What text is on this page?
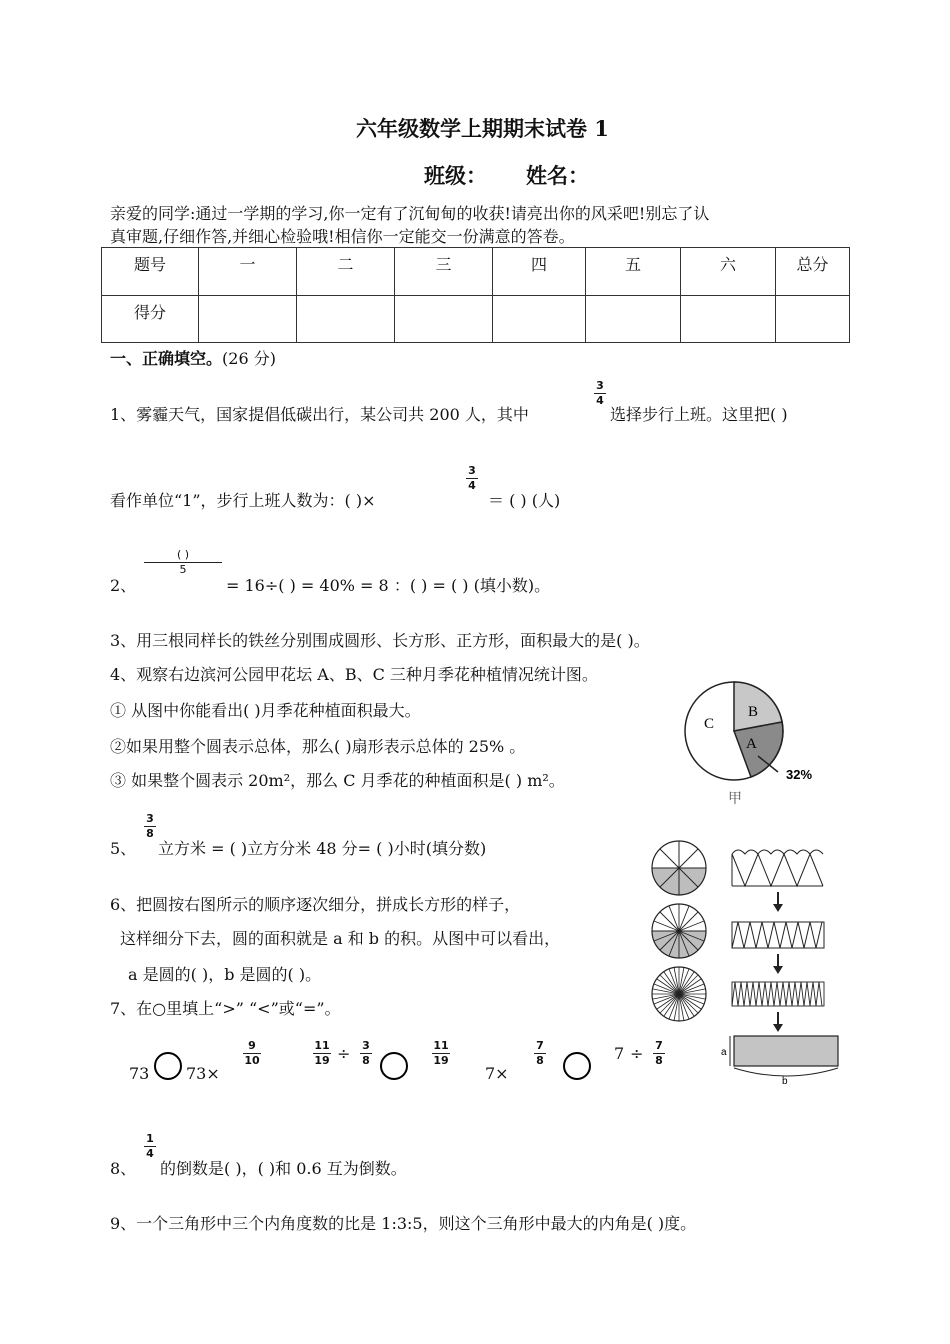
六年级数学上期期末试卷 1
班级： 姓名：
亲爱的同学:通过一学期的学习,你一定有了沉甸甸的收获!请亮出你的风采吧!别忘了认
真审题,仔细作答,并细心检验哦!相信你一定能交一份满意的答卷。
题号	一	二	三	四	五	六	总分
得分							
一、正确填空。(26 分)
1、雾霾天气，国家提倡低碳出行，某公司共 200 人，其中
3
4
选择步行上班。这里把( )
看作单位“1”，步行上班人数为：( )×
3
4
＝ ( ) (人)
2、
( )
5
= 16÷( ) = 40% = 8 ：( ) = ( ) (填小数)。
3、用三根同样长的铁丝分别围成圆形、长方形、正方形，面积最大的是( )。
4、观察右边滨河公园甲花坛 A、B、C 三种月季花种植情况统计图。
① 从图中你能看出( )月季花种植面积最大。
②如果用整个圆表示总体，那么( )扇形表示总体的 25% 。
③ 如果整个圆表示 20m²，那么 C 月季花的种植面积是( ) m²。
A
B
C
32%
甲
5、
3
8
立方米 = ( )立方分米 48 分= ( )小时(填分数)
6、把圆按右图所示的顺序逐次细分，拼成长方形的样子，
这样细分下去，圆的面积就是 a 和 b 的积。从图中可以看出，
a 是圆的( )，b 是圆的( )。
a
b
7、在○里填上“>” “<”或“=”。
73 73×
9
10
11
19 ÷ 3
8
11
19
7×
7
8	7 ÷ 7
8
8、
1
4
的倒数是( )，( )和 0.6 互为倒数。
9、一个三角形中三个内角度数的比是 1:3:5，则这个三角形中最大的内角是( )度。
